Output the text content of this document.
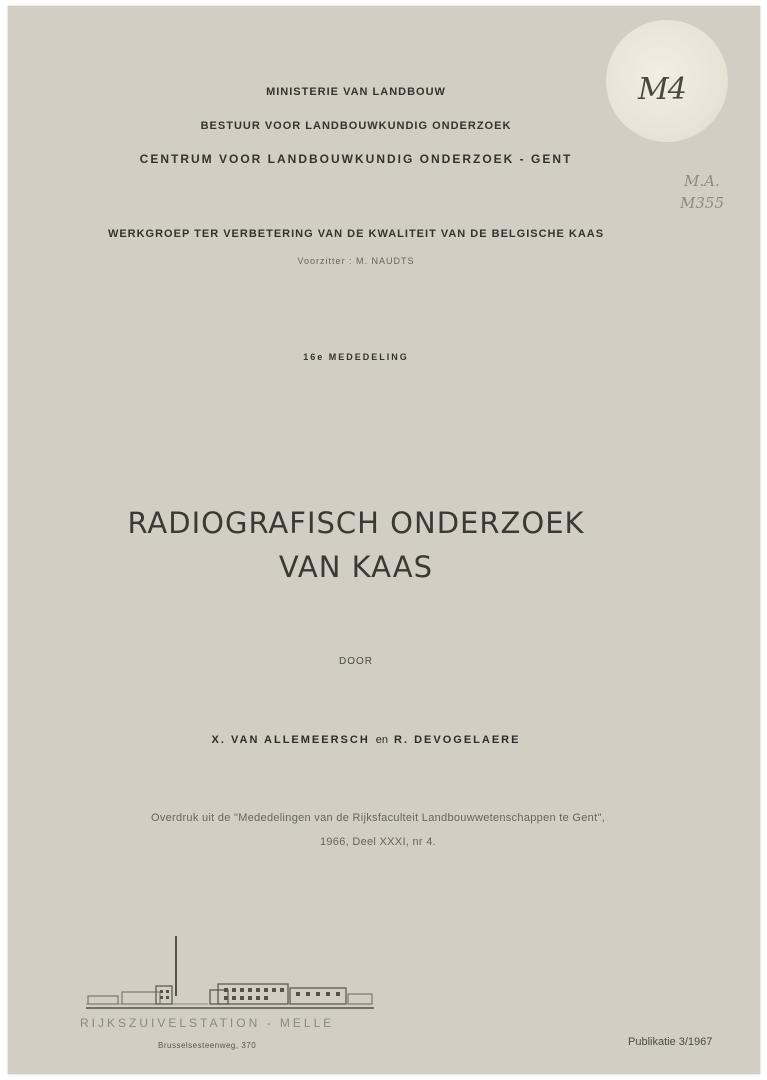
M4
M.A.
M355
MINISTERIE VAN LANDBOUW
BESTUUR VOOR LANDBOUWKUNDIG ONDERZOEK
CENTRUM VOOR LANDBOUWKUNDIG ONDERZOEK - GENT
WERKGROEP TER VERBETERING VAN DE KWALITEIT VAN DE BELGISCHE KAAS
Voorzitter : M. NAUDTS
16e MEDEDELING
RADIOGRAFISCH ONDERZOEK
VAN KAAS
DOOR
X. VAN ALLEMEERSCH en R. DEVOGELAERE
Overdruk uit de "Mededelingen van de Rijksfaculteit Landbouwwetenschappen te Gent",
1966, Deel XXXI, nr 4.
RIJKSZUIVELSTATION - MELLE
Brusselsesteenweg, 370	Publikatie 3/1967
